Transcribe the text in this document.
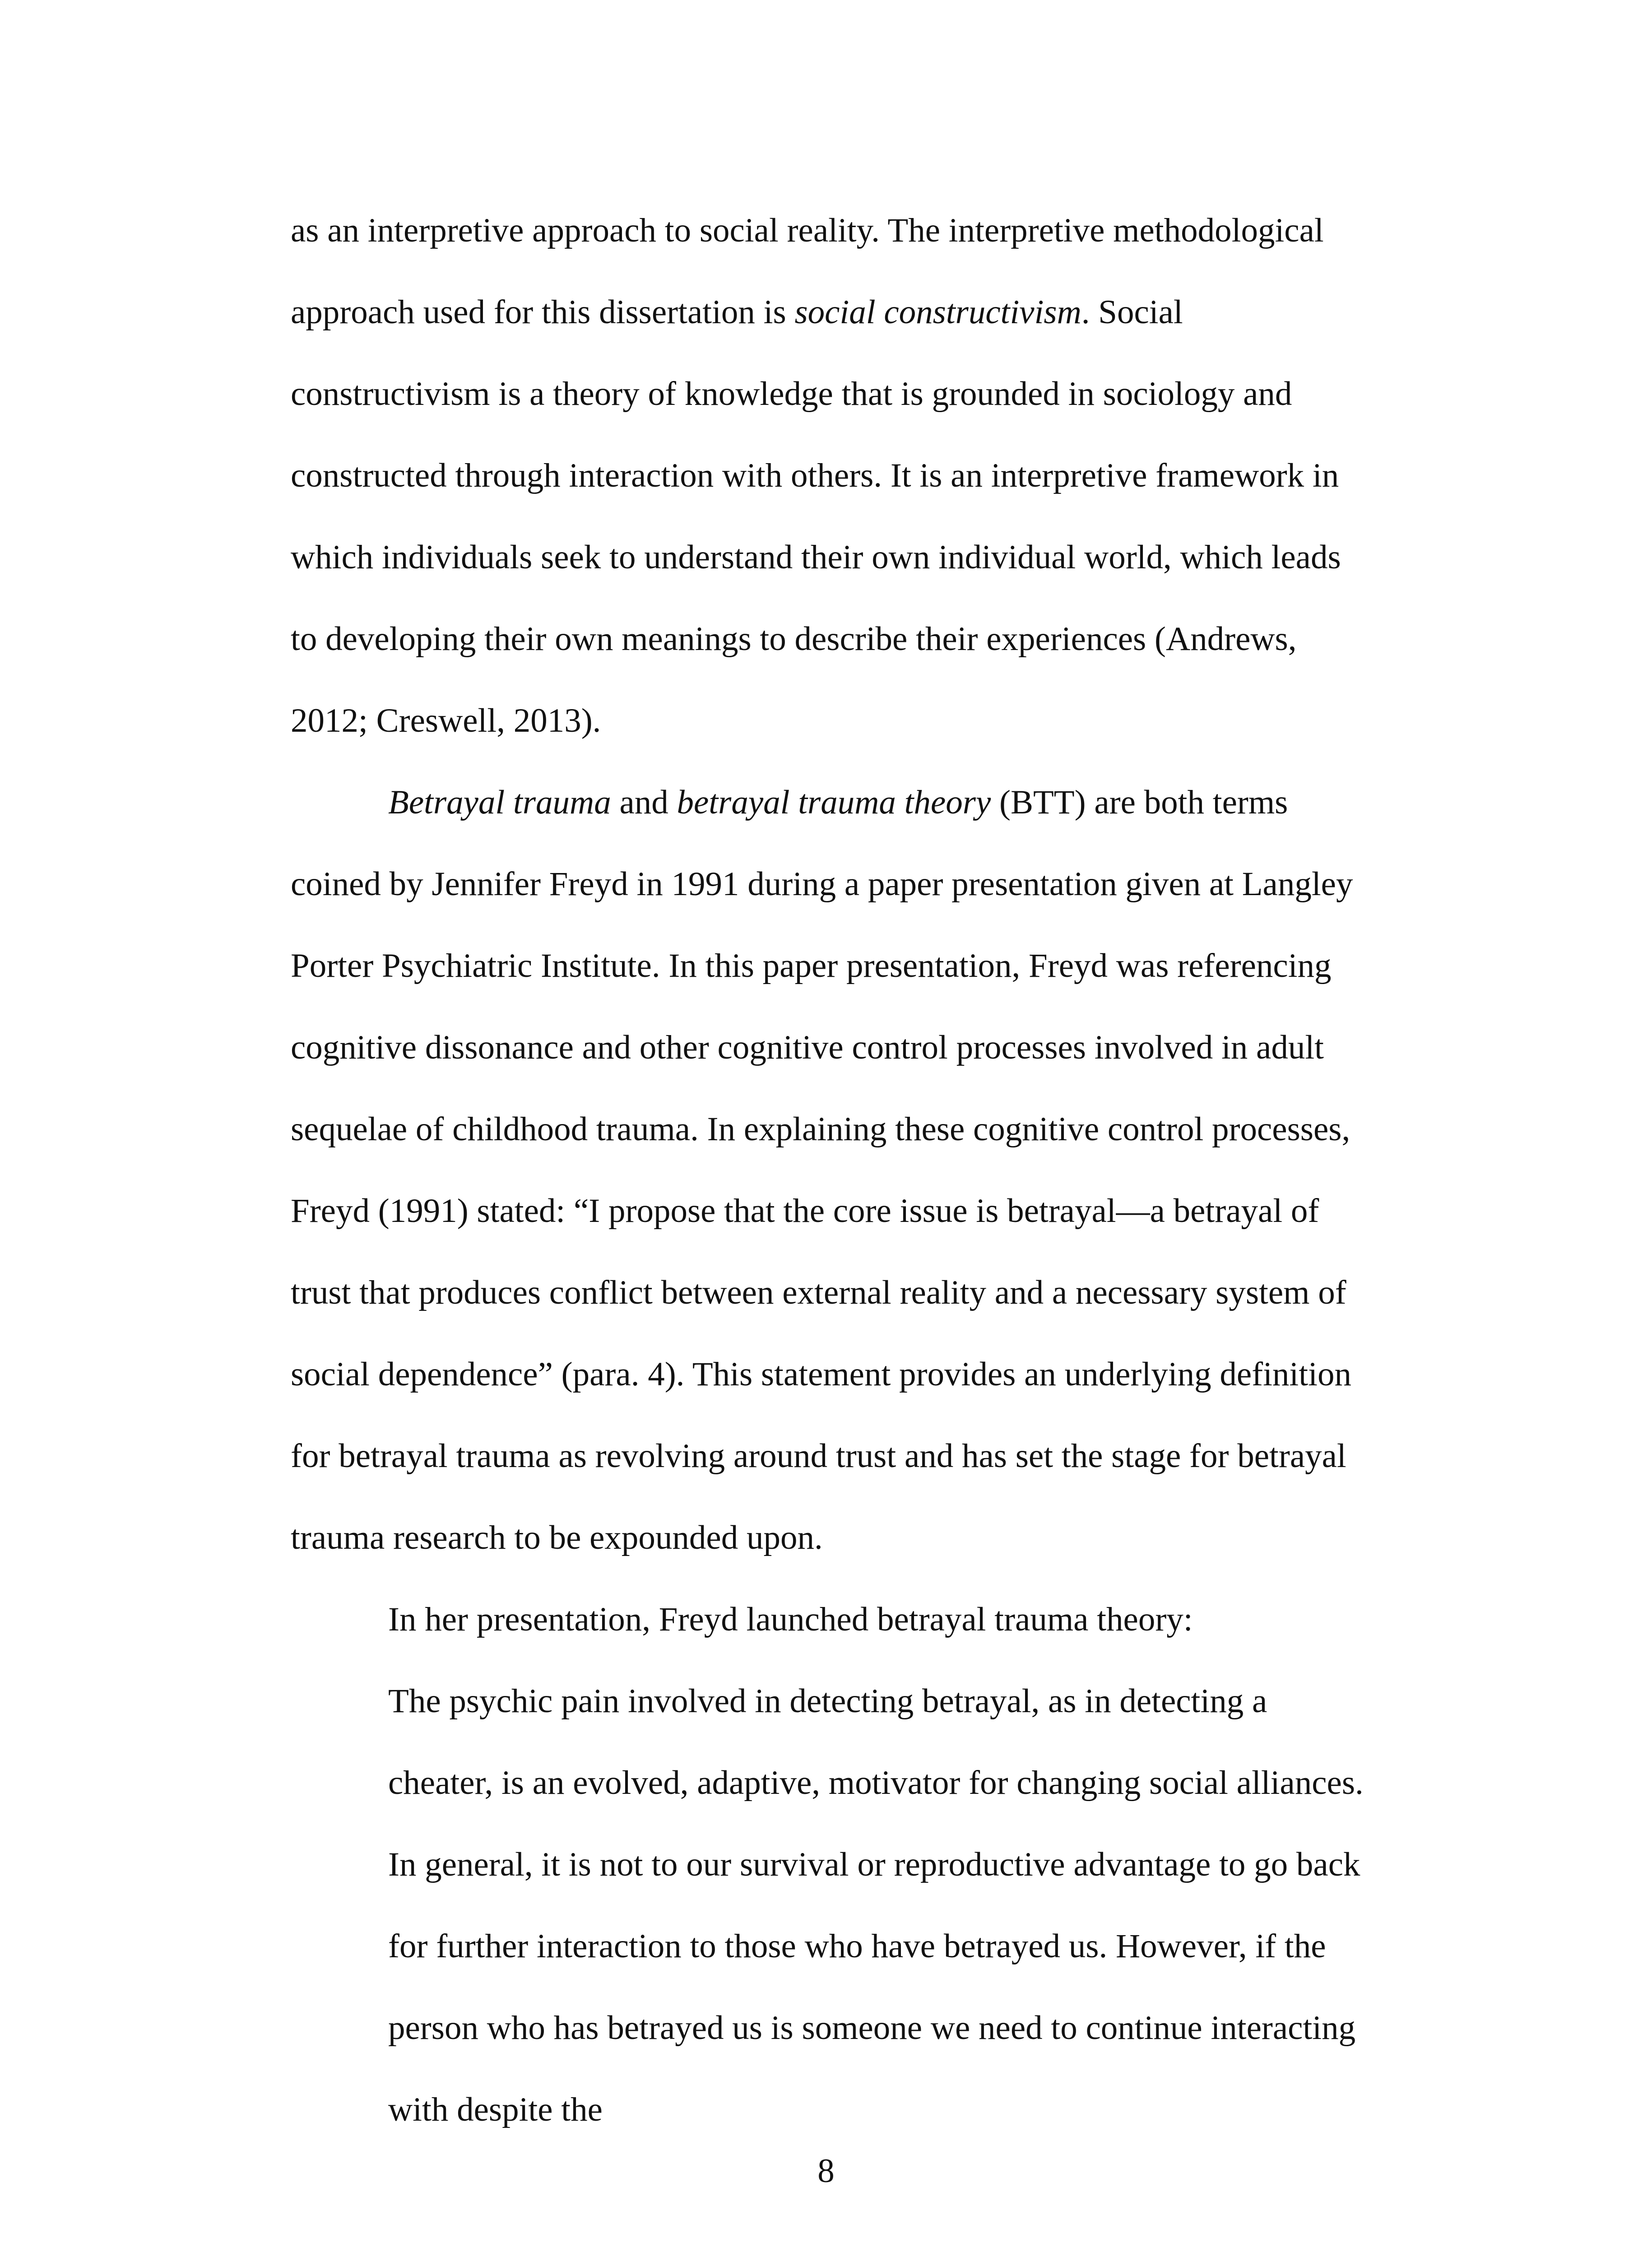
as an interpretive approach to social reality. The interpretive methodological approach used for this dissertation is social constructivism. Social constructivism is a theory of knowledge that is grounded in sociology and constructed through interaction with others. It is an interpretive framework in which individuals seek to understand their own individual world, which leads to developing their own meanings to describe their experiences (Andrews, 2012; Creswell, 2013).

Betrayal trauma and betrayal trauma theory (BTT) are both terms coined by Jennifer Freyd in 1991 during a paper presentation given at Langley Porter Psychiatric Institute. In this paper presentation, Freyd was referencing cognitive dissonance and other cognitive control processes involved in adult sequelae of childhood trauma. In explaining these cognitive control processes, Freyd (1991) stated: “I propose that the core issue is betrayal—a betrayal of trust that produces conflict between external reality and a necessary system of social dependence” (para. 4). This statement provides an underlying definition for betrayal trauma as revolving around trust and has set the stage for betrayal trauma research to be expounded upon.

In her presentation, Freyd launched betrayal trauma theory:

The psychic pain involved in detecting betrayal, as in detecting a cheater, is an evolved, adaptive, motivator for changing social alliances. In general, it is not to our survival or reproductive advantage to go back for further interaction to those who have betrayed us. However, if the person who has betrayed us is someone we need to continue interacting with despite the

8
